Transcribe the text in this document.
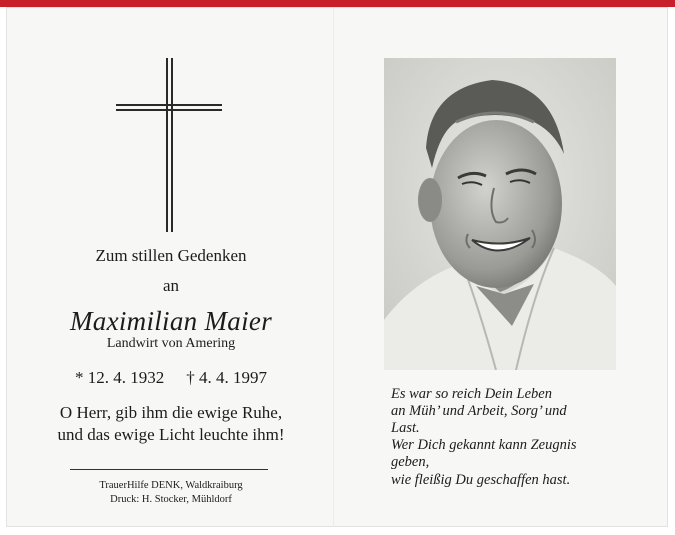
Zum stillen Gedenken
an
Maximilian Maier
Landwirt von Amering
* 12. 4. 1932 † 4. 4. 1997
O Herr, gib ihm die ewige Ruhe,
und das ewige Licht leuchte ihm!
TrauerHilfe DENK, Waldkraiburg
Druck: H. Stocker, Mühldorf
Es war so reich Dein Leben
an Müh’ und Arbeit, Sorg’ und
Last.
Wer Dich gekannt kann Zeugnis
geben,
wie fleißig Du geschaffen hast.
